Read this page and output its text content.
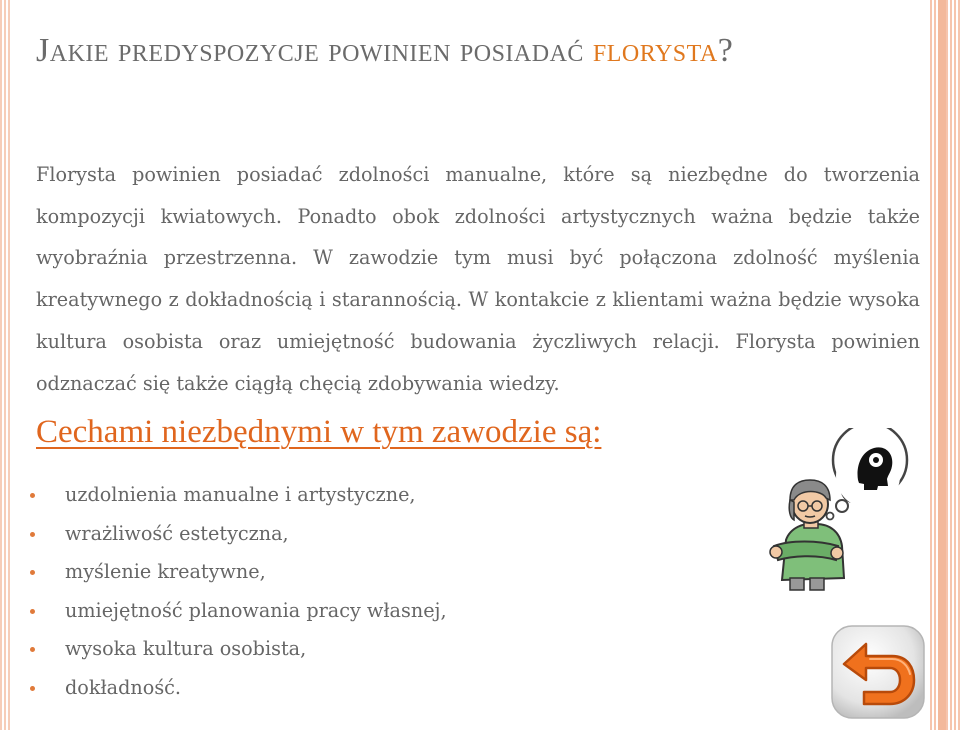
Jakie predyspozycje powinien posiadać florysta?
Florysta powinien posiadać zdolności manualne, które są niezbędne do tworzenia kompozycji kwiatowych. Ponadto obok zdolności artystycznych ważna będzie także wyobraźnia przestrzenna. W zawodzie tym musi być połączona zdolność myślenia kreatywnego z dokładnością i starannością. W kontakcie z klientami ważna będzie wysoka kultura osobista oraz umiejętność budowania życzliwych relacji. Florysta powinien odznaczać się także ciągłą chęcią zdobywania wiedzy.
Cechami niezbędnymi w tym zawodzie są:
uzdolnienia manualne i artystyczne,
wrażliwość estetyczna,
myślenie kreatywne,
umiejętność planowania pracy własnej,
wysoka kultura osobista,
dokładność.
